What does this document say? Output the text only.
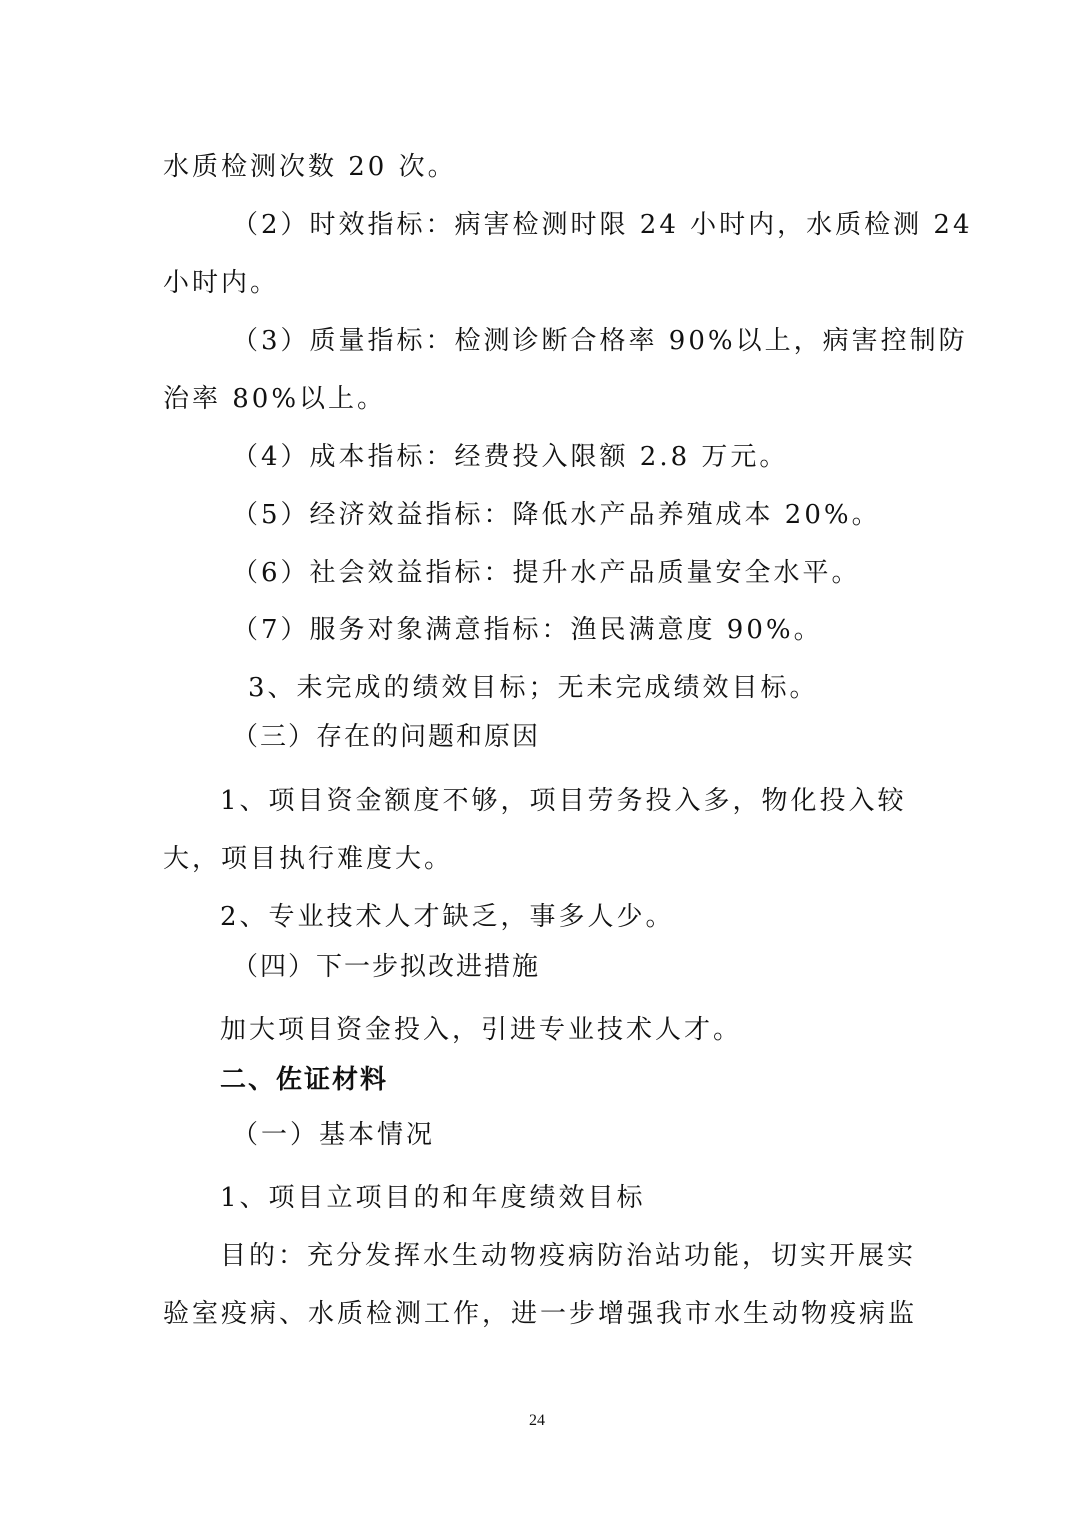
水质检测次数 20 次。
（2）时效指标：病害检测时限 24 小时内，水质检测 24
小时内。
（3）质量指标：检测诊断合格率 90%以上，病害控制防
治率 80%以上。
（4）成本指标：经费投入限额 2.8 万元。
（5）经济效益指标：降低水产品养殖成本 20%。
（6）社会效益指标：提升水产品质量安全水平。
（7）服务对象满意指标：渔民满意度 90%。
3、未完成的绩效目标；无未完成绩效目标。
（三）存在的问题和原因
1、项目资金额度不够，项目劳务投入多，物化投入较
大，项目执行难度大。
2、专业技术人才缺乏，事多人少。
（四）下一步拟改进措施
加大项目资金投入，引进专业技术人才。
二、佐证材料
（一）基本情况
1、项目立项目的和年度绩效目标
目的：充分发挥水生动物疫病防治站功能，切实开展实
验室疫病、水质检测工作，进一步增强我市水生动物疫病监
24
